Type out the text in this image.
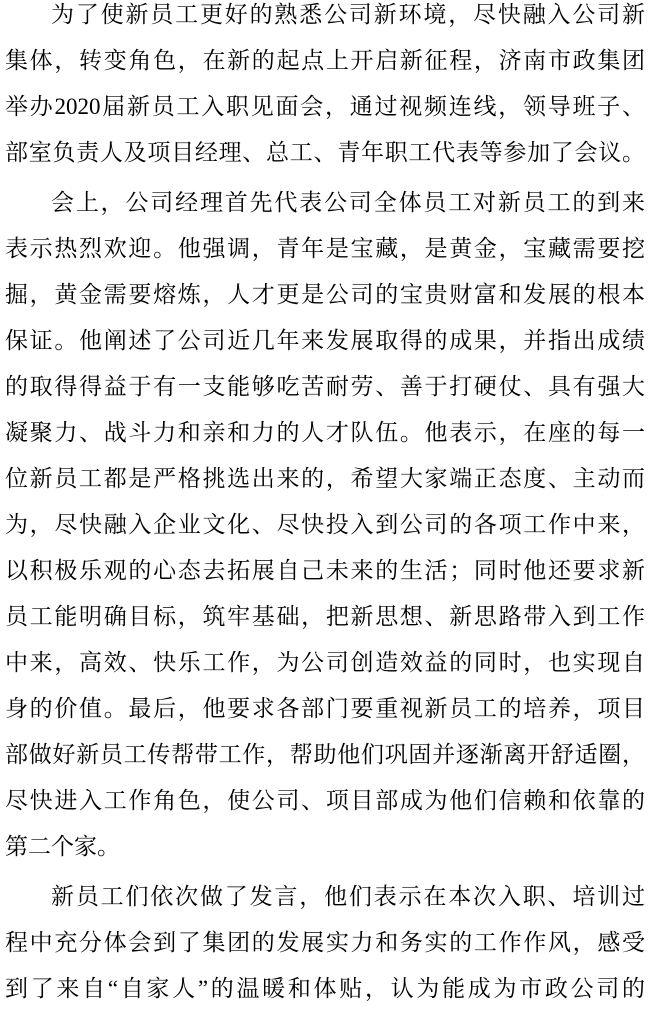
为了使新员工更好的熟悉公司新环境，尽快融入公司新
集体，转变角色，在新的起点上开启新征程，济南市政集团
举办2020届新员工入职见面会，通过视频连线，领导班子、
部室负责人及项目经理、总工、青年职工代表等参加了会议。
会上，公司经理首先代表公司全体员工对新员工的到来
表示热烈欢迎。他强调，青年是宝藏，是黄金，宝藏需要挖
掘，黄金需要熔炼，人才更是公司的宝贵财富和发展的根本
保证。他阐述了公司近几年来发展取得的成果，并指出成绩
的取得得益于有一支能够吃苦耐劳、善于打硬仗、具有强大
凝聚力、战斗力和亲和力的人才队伍。他表示，在座的每一
位新员工都是严格挑选出来的，希望大家端正态度、主动而
为，尽快融入企业文化、尽快投入到公司的各项工作中来，
以积极乐观的心态去拓展自己未来的生活；同时他还要求新
员工能明确目标，筑牢基础，把新思想、新思路带入到工作
中来，高效、快乐工作，为公司创造效益的同时，也实现自
身的价值。最后，他要求各部门要重视新员工的培养，项目
部做好新员工传帮带工作，帮助他们巩固并逐渐离开舒适圈，
尽快进入工作角色，使公司、项目部成为他们信赖和依靠的
第二个家。
新员工们依次做了发言，他们表示在本次入职、培训过
程中充分体会到了集团的发展实力和务实的工作作风，感受
到了来自“自家人”的温暖和体贴，认为能成为市政公司的
